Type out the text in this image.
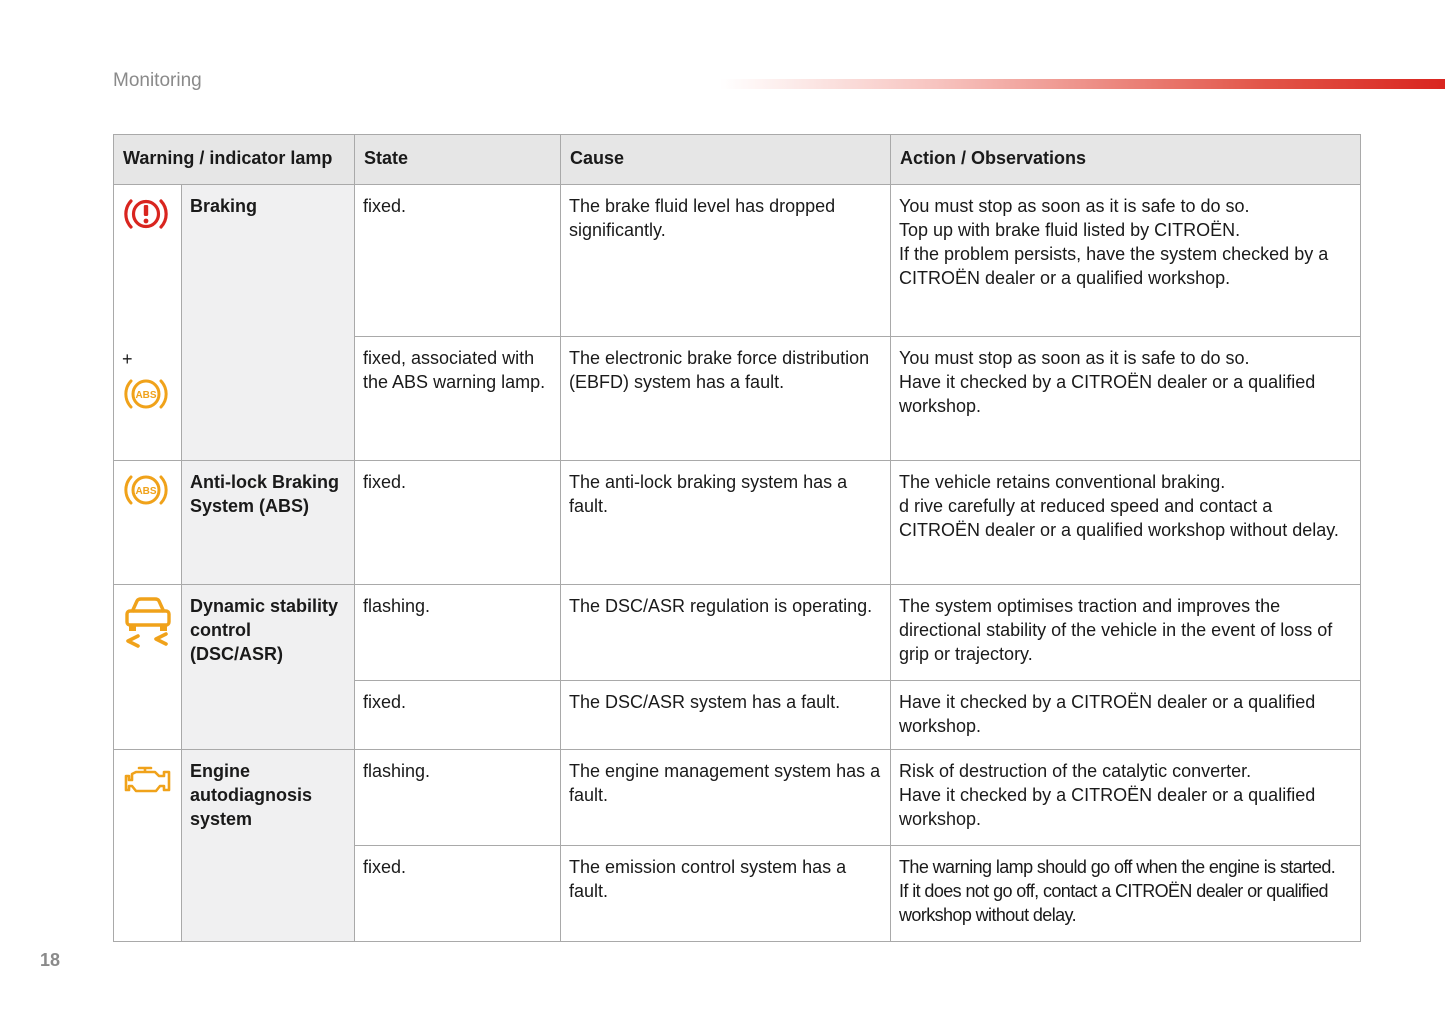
Monitoring
Warning / indicator lamp		State	Cause	Action / Observations

+
ABS	Braking	fixed.	The brake fluid level has dropped significantly.	You must stop as soon as it is safe to do so.
Top up with brake fluid listed by CITROËN.
If the problem persists, have the system checked by a CITROËN dealer or a qualified workshop.

		fixed, associated with the ABS warning lamp.	The electronic brake force distribution (EBFD) system has a fault.	You must stop as soon as it is safe to do so.
Have it checked by a CITROËN dealer or a qualified workshop.

ABS	Anti-lock Braking System (ABS)	fixed.	The anti-lock braking system has a fault.	The vehicle retains conventional braking.
d rive carefully at reduced speed and contact a CITROËN dealer or a qualified workshop without delay.

	Dynamic stability control (DSC/ASR)	flashing.	The DSC/ASR regulation is operating.	The system optimises traction and improves the directional stability of the vehicle in the event of loss of grip or trajectory.

		fixed.	The DSC/ASR system has a fault.	Have it checked by a CITROËN dealer or a qualified workshop.

	Engine autodiagnosis system	flashing.	The engine management system has a fault.	Risk of destruction of the catalytic converter.
Have it checked by a CITROËN dealer or a qualified workshop.

		fixed.	The emission control system has a fault.	The warning lamp should go off when the engine is started.
If it does not go off, contact a CITROËN dealer or qualified workshop without delay.
18
